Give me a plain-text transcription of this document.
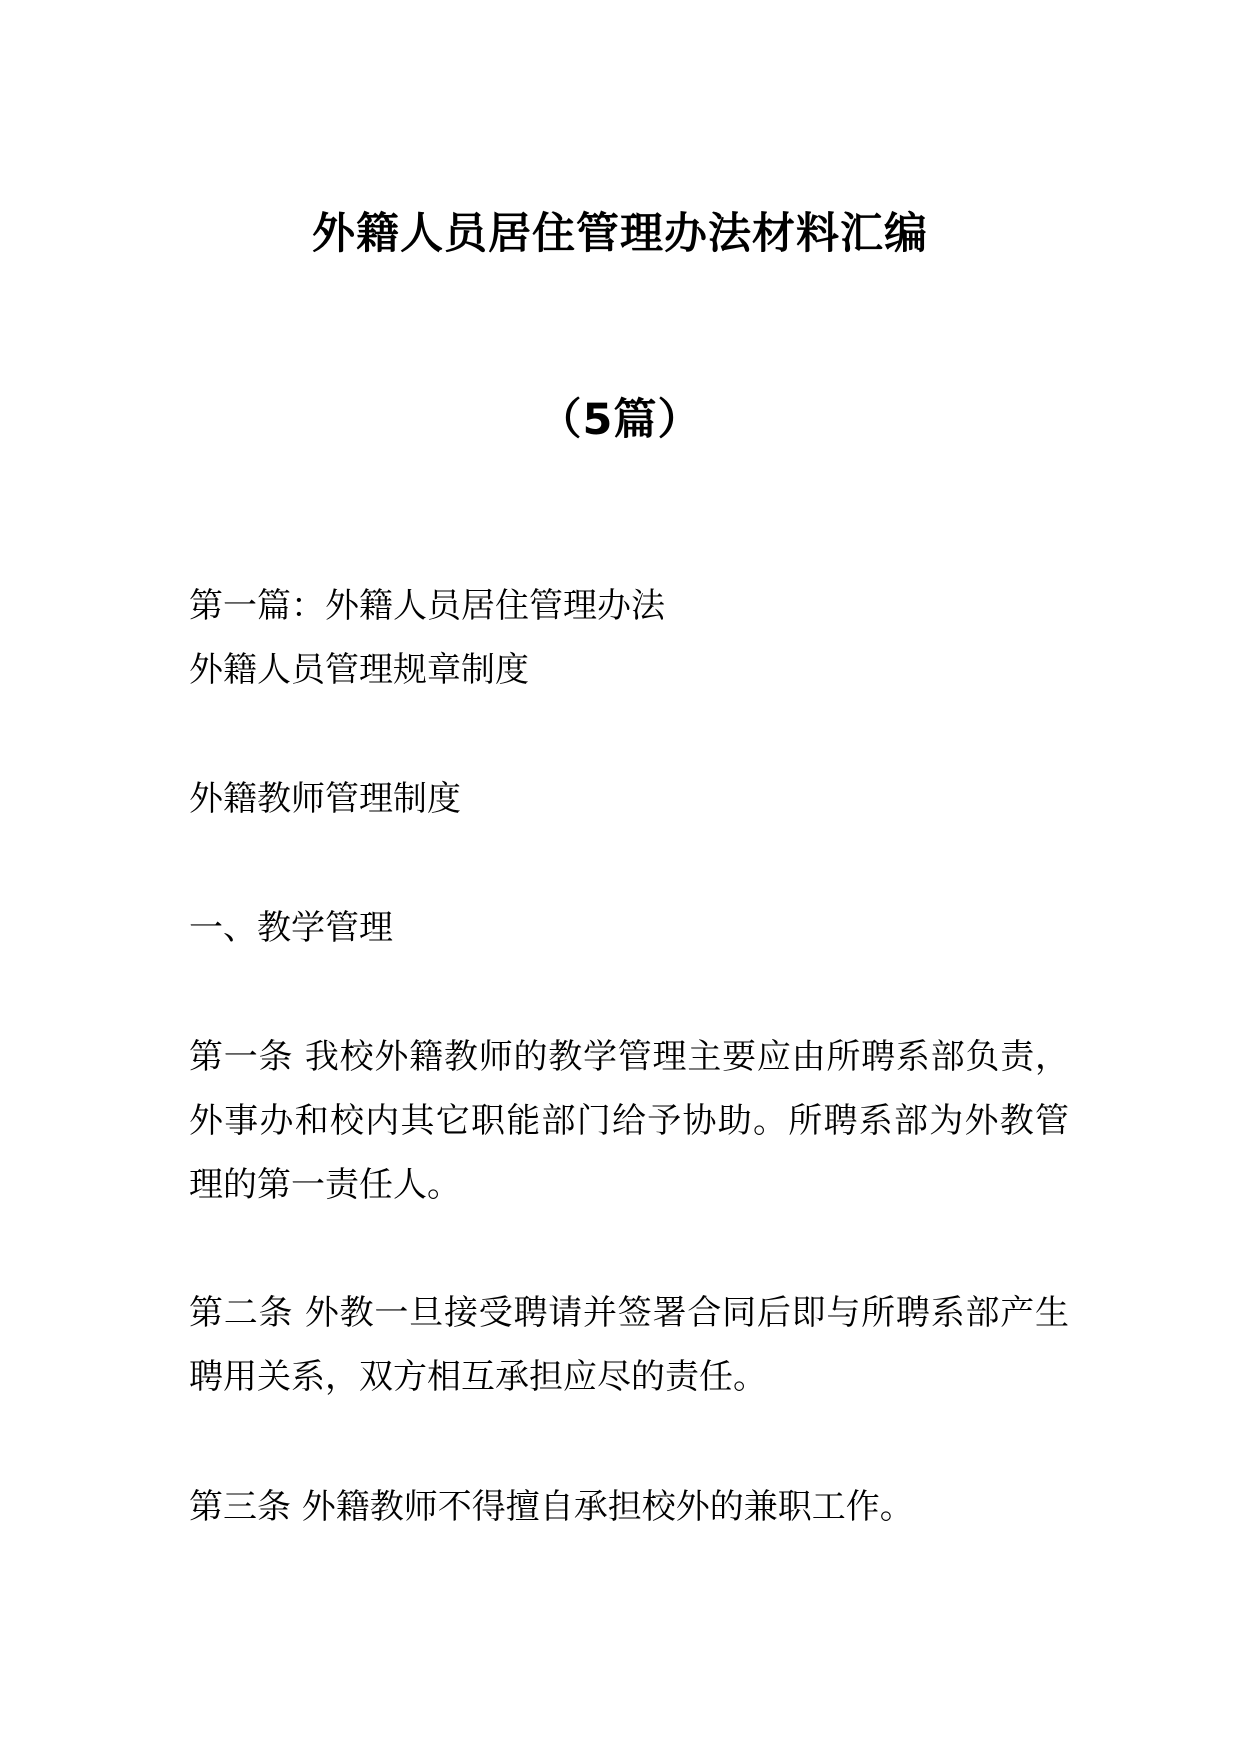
外籍人员居住管理办法材料汇编
（5篇）
第一篇：外籍人员居住管理办法
外籍人员管理规章制度
外籍教师管理制度
一、教学管理
第一条 我校外籍教师的教学管理主要应由所聘系部负责，外事办和校内其它职能部门给予协助。所聘系部为外教管理的第一责任人。
第二条 外教一旦接受聘请并签署合同后即与所聘系部产生聘用关系，双方相互承担应尽的责任。
第三条 外籍教师不得擅自承担校外的兼职工作。
